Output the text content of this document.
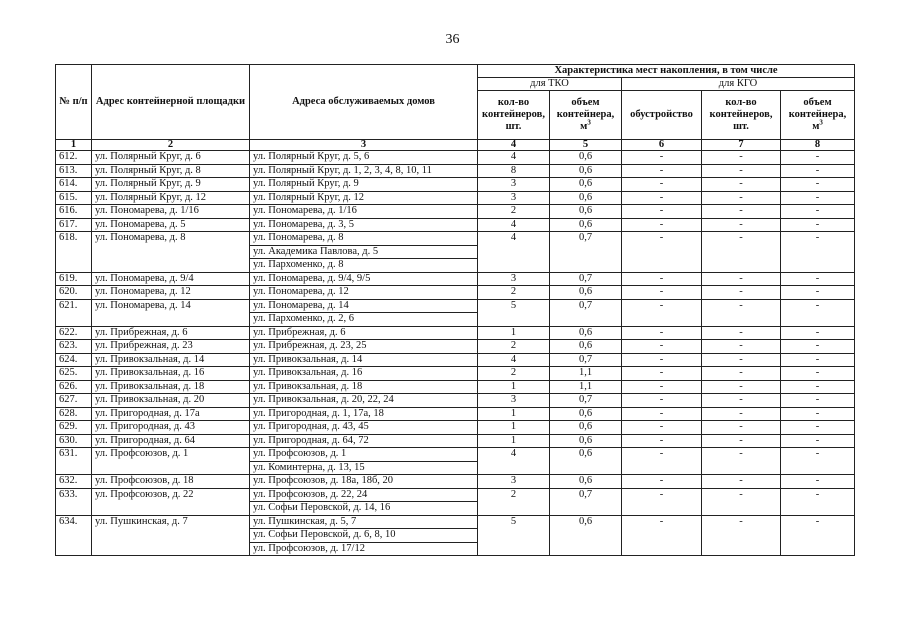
36
№ п/п	Адрес контейнерной площадки	Адреса обслуживаемых домов	Характеристика мест накопления, в том числе				
			для ТКО		для КГО		
			кол-во контейнеров, шт.	объем контейнера, $м^3$	обустройство	кол-во контейнеров, шт.	объем контейнера, $м^3$
1	2	3	4	5	6	7	8
612.	ул. Полярный Круг, д. 6	ул. Полярный Круг, д. 5, 6	4	0,6	-	-	-
613.	ул. Полярный Круг, д. 8	ул. Полярный Круг, д. 1, 2, 3, 4, 8, 10, 11	8	0,6	-	-	-
614.	ул. Полярный Круг, д. 9	ул. Полярный Круг, д. 9	3	0,6	-	-	-
615.	ул. Полярный Круг, д. 12	ул. Полярный Круг, д. 12	3	0,6	-	-	-
616.	ул. Пономарева, д. 1/16	ул. Пономарева, д. 1/16	2	0,6	-	-	-
617.	ул. Пономарева, д. 5	ул. Пономарева, д. 3, 5	4	0,6	-	-	-
618.	ул. Пономарева, д. 8	ул. Пономарева, д. 8	4	0,7	-	-	-
		ул. Академика Павлова, д. 5					
		ул. Пархоменко, д. 8					
619.	ул. Пономарева, д. 9/4	ул. Пономарева, д. 9/4, 9/5	3	0,7	-	-	-
620.	ул. Пономарева, д. 12	ул. Пономарева, д. 12	2	0,6	-	-	-
621.	ул. Пономарева, д. 14	ул. Пономарева, д. 14	5	0,7	-	-	-
		ул. Пархоменко, д. 2, 6					
622.	ул. Прибрежная, д. 6	ул. Прибрежная, д. 6	1	0,6	-	-	-
623.	ул. Прибрежная, д. 23	ул. Прибрежная, д. 23, 25	2	0,6	-	-	-
624.	ул. Привокзальная, д. 14	ул. Привокзальная, д. 14	4	0,7	-	-	-
625.	ул. Привокзальная, д. 16	ул. Привокзальная, д. 16	2	1,1	-	-	-
626.	ул. Привокзальная, д. 18	ул. Привокзальная, д. 18	1	1,1	-	-	-
627.	ул. Привокзальная, д. 20	ул. Привокзальная, д. 20, 22, 24	3	0,7	-	-	-
628.	ул. Пригородная, д. 17а	ул. Пригородная, д. 1, 17а, 18	1	0,6	-	-	-
629.	ул. Пригородная, д. 43	ул. Пригородная, д. 43, 45	1	0,6	-	-	-
630.	ул. Пригородная, д. 64	ул. Пригородная, д. 64, 72	1	0,6	-	-	-
631.	ул. Профсоюзов, д. 1	ул. Профсоюзов, д. 1	4	0,6	-	-	-
		ул. Коминтерна, д. 13, 15					
632.	ул. Профсоюзов, д. 18	ул. Профсоюзов, д. 18а, 18б, 20	3	0,6	-	-	-
633.	ул. Профсоюзов, д. 22	ул. Профсоюзов, д. 22, 24	2	0,7	-	-	-
		ул. Софьи Перовской, д. 14, 16					
634.	ул. Пушкинская, д. 7	ул. Пушкинская, д. 5, 7	5	0,6	-	-	-
		ул. Софьи Перовской, д. 6, 8, 10					
		ул. Профсоюзов, д. 17/12					
